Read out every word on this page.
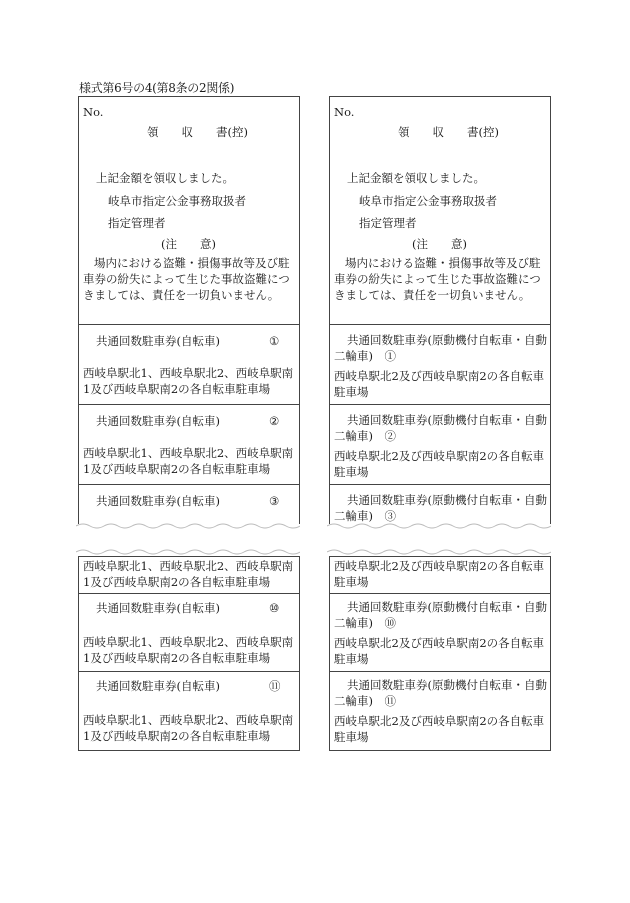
様式第6号の4(第8条の2関係)
No.
領　　収　　書(控)
上記金額を領収しました。
岐阜市指定公金事務取扱者
指定管理者
(注　　意)
場内における盗難・損傷事故等及び駐車券の紛失によって生じた事故盗難につきましては、責任を一切負いません。
共通回数駐車券(自転車)	①
西岐阜駅北1、西岐阜駅北2、西岐阜駅南1及び西岐阜駅南2の各自転車駐車場
共通回数駐車券(自転車)	②
西岐阜駅北1、西岐阜駅北2、西岐阜駅南1及び西岐阜駅南2の各自転車駐車場
共通回数駐車券(自転車)	③
西岐阜駅北1、西岐阜駅北2、西岐阜駅南1及び西岐阜駅南2の各自転車駐車場
共通回数駐車券(自転車)	⑩
西岐阜駅北1、西岐阜駅北2、西岐阜駅南1及び西岐阜駅南2の各自転車駐車場
共通回数駐車券(自転車)	⑪
西岐阜駅北1、西岐阜駅北2、西岐阜駅南1及び西岐阜駅南2の各自転車駐車場
No.
領　　収　　書(控)
上記金額を領収しました。
岐阜市指定公金事務取扱者
指定管理者
(注　　意)
場内における盗難・損傷事故等及び駐車券の紛失によって生じた事故盗難につきましては、責任を一切負いません。
共通回数駐車券(原動機付自転車・自動二輪車)　 ①
西岐阜駅北2及び西岐阜駅南2の各自転車駐車場
共通回数駐車券(原動機付自転車・自動二輪車)　 ②
西岐阜駅北2及び西岐阜駅南2の各自転車駐車場
共通回数駐車券(原動機付自転車・自動二輪車)　 ③
西岐阜駅北2及び西岐阜駅南2の各自転車駐車場
共通回数駐車券(原動機付自転車・自動二輪車)　 ⑩
西岐阜駅北2及び西岐阜駅南2の各自転車駐車場
共通回数駐車券(原動機付自転車・自動二輪車)　 ⑪
西岐阜駅北2及び西岐阜駅南2の各自転車駐車場
